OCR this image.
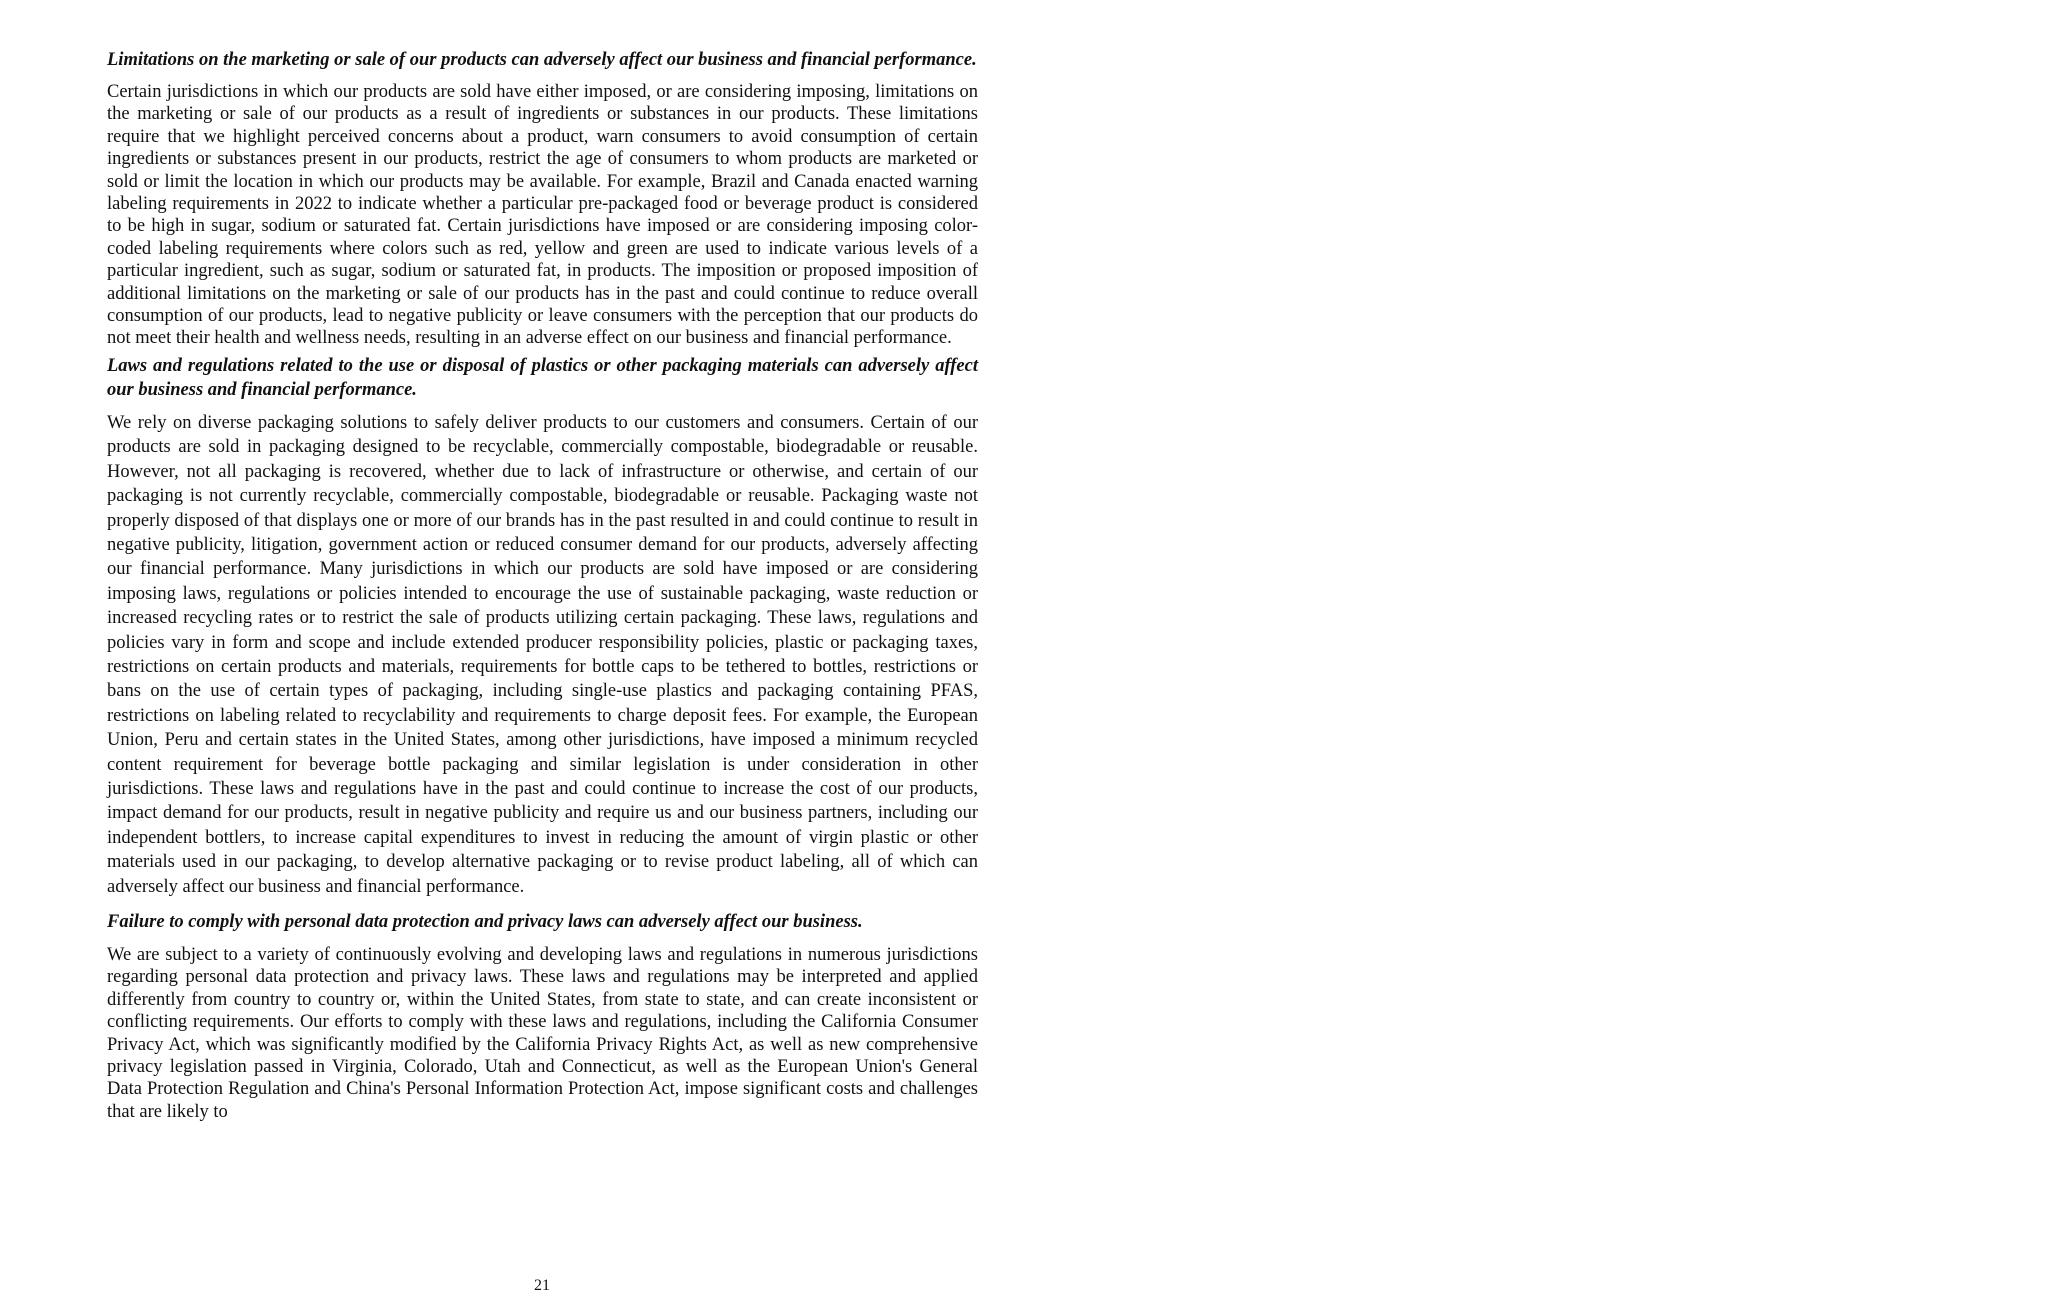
Limitations on the marketing or sale of our products can adversely affect our business and financial performance.

Certain jurisdictions in which our products are sold have either imposed, or are considering imposing, limitations on the marketing or sale of our products as a result of ingredients or substances in our products. These limitations require that we highlight perceived concerns about a product, warn consumers to avoid consumption of certain ingredients or substances present in our products, restrict the age of consumers to whom products are marketed or sold or limit the location in which our products may be available. For example, Brazil and Canada enacted warning labeling requirements in 2022 to indicate whether a particular pre-packaged food or beverage product is considered to be high in sugar, sodium or saturated fat. Certain jurisdictions have imposed or are considering imposing color-coded labeling requirements where colors such as red, yellow and green are used to indicate various levels of a particular ingredient, such as sugar, sodium or saturated fat, in products. The imposition or proposed imposition of additional limitations on the marketing or sale of our products has in the past and could continue to reduce overall consumption of our products, lead to negative publicity or leave consumers with the perception that our products do not meet their health and wellness needs, resulting in an adverse effect on our business and financial performance.

Laws and regulations related to the use or disposal of plastics or other packaging materials can adversely affect our business and financial performance.

We rely on diverse packaging solutions to safely deliver products to our customers and consumers. Certain of our products are sold in packaging designed to be recyclable, commercially compostable, biodegradable or reusable. However, not all packaging is recovered, whether due to lack of infrastructure or otherwise, and certain of our packaging is not currently recyclable, commercially compostable, biodegradable or reusable. Packaging waste not properly disposed of that displays one or more of our brands has in the past resulted in and could continue to result in negative publicity, litigation, government action or reduced consumer demand for our products, adversely affecting our financial performance. Many jurisdictions in which our products are sold have imposed or are considering imposing laws, regulations or policies intended to encourage the use of sustainable packaging, waste reduction or increased recycling rates or to restrict the sale of products utilizing certain packaging. These laws, regulations and policies vary in form and scope and include extended producer responsibility policies, plastic or packaging taxes, restrictions on certain products and materials, requirements for bottle caps to be tethered to bottles, restrictions or bans on the use of certain types of packaging, including single-use plastics and packaging containing PFAS, restrictions on labeling related to recyclability and requirements to charge deposit fees. For example, the European Union, Peru and certain states in the United States, among other jurisdictions, have imposed a minimum recycled content requirement for beverage bottle packaging and similar legislation is under consideration in other jurisdictions. These laws and regulations have in the past and could continue to increase the cost of our products, impact demand for our products, result in negative publicity and require us and our business partners, including our independent bottlers, to increase capital expenditures to invest in reducing the amount of virgin plastic or other materials used in our packaging, to develop alternative packaging or to revise product labeling, all of which can adversely affect our business and financial performance.

Failure to comply with personal data protection and privacy laws can adversely affect our business.

We are subject to a variety of continuously evolving and developing laws and regulations in numerous jurisdictions regarding personal data protection and privacy laws. These laws and regulations may be interpreted and applied differently from country to country or, within the United States, from state to state, and can create inconsistent or conflicting requirements. Our efforts to comply with these laws and regulations, including the California Consumer Privacy Act, which was significantly modified by the California Privacy Rights Act, as well as new comprehensive privacy legislation passed in Virginia, Colorado, Utah and Connecticut, as well as the European Union's General Data Protection Regulation and China's Personal Information Protection Act, impose significant costs and challenges that are likely to

21
